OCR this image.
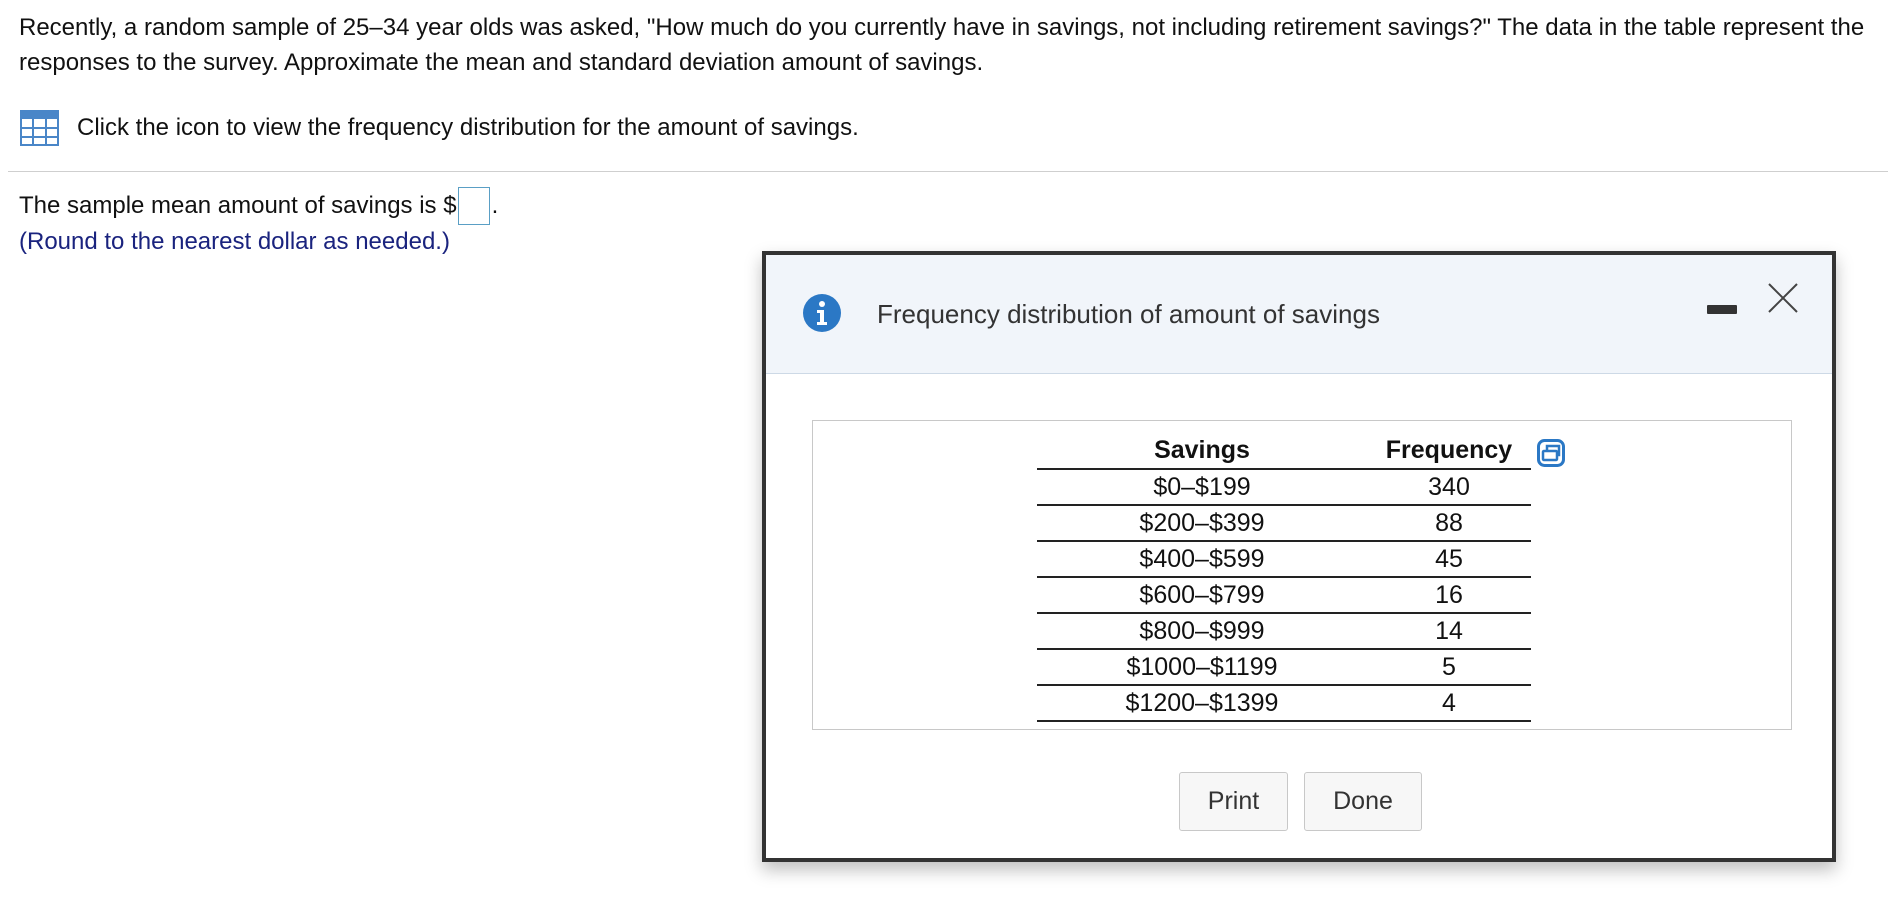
Recently, a random sample of 25–34 year olds was asked, "How much do you currently have in savings, not including retirement savings?" The data in the table represent the responses to the survey. Approximate the mean and standard deviation amount of savings.
Click the icon to view the frequency distribution for the amount of savings.
The sample mean amount of savings is $ .
(Round to the nearest dollar as needed.)
Frequency distribution of amount of savings
Savings	Frequency

$0–$199	340
$200–$399	88
$400–$599	45
$600–$799	16
$800–$999	14
$1000–$1199	5
$1200–$1399	4
Print	Done
